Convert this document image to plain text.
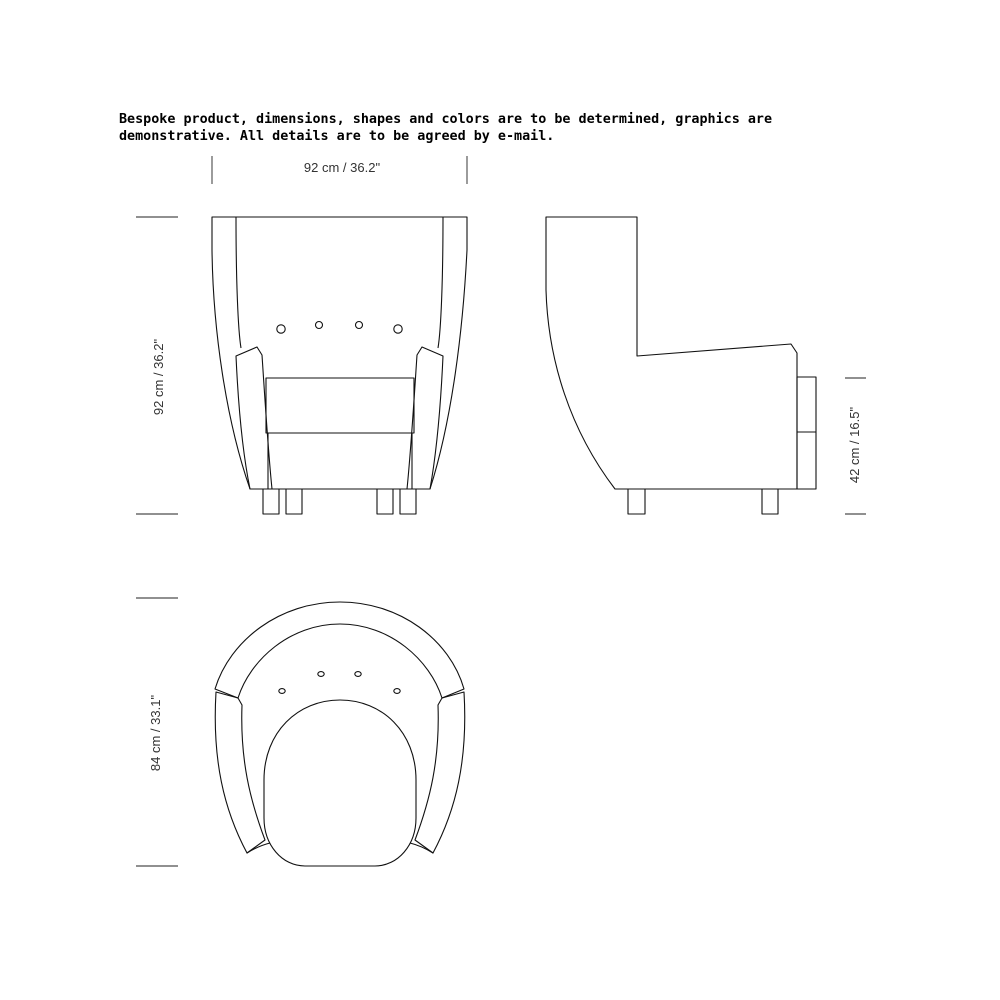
Bespoke product, dimensions, shapes and colors are to be determined, graphics are demonstrative. All details are to be agreed by e-mail.

92 cm / 36.2"
92 cm / 36.2"
42 cm / 16.5"
84 cm / 33.1"
